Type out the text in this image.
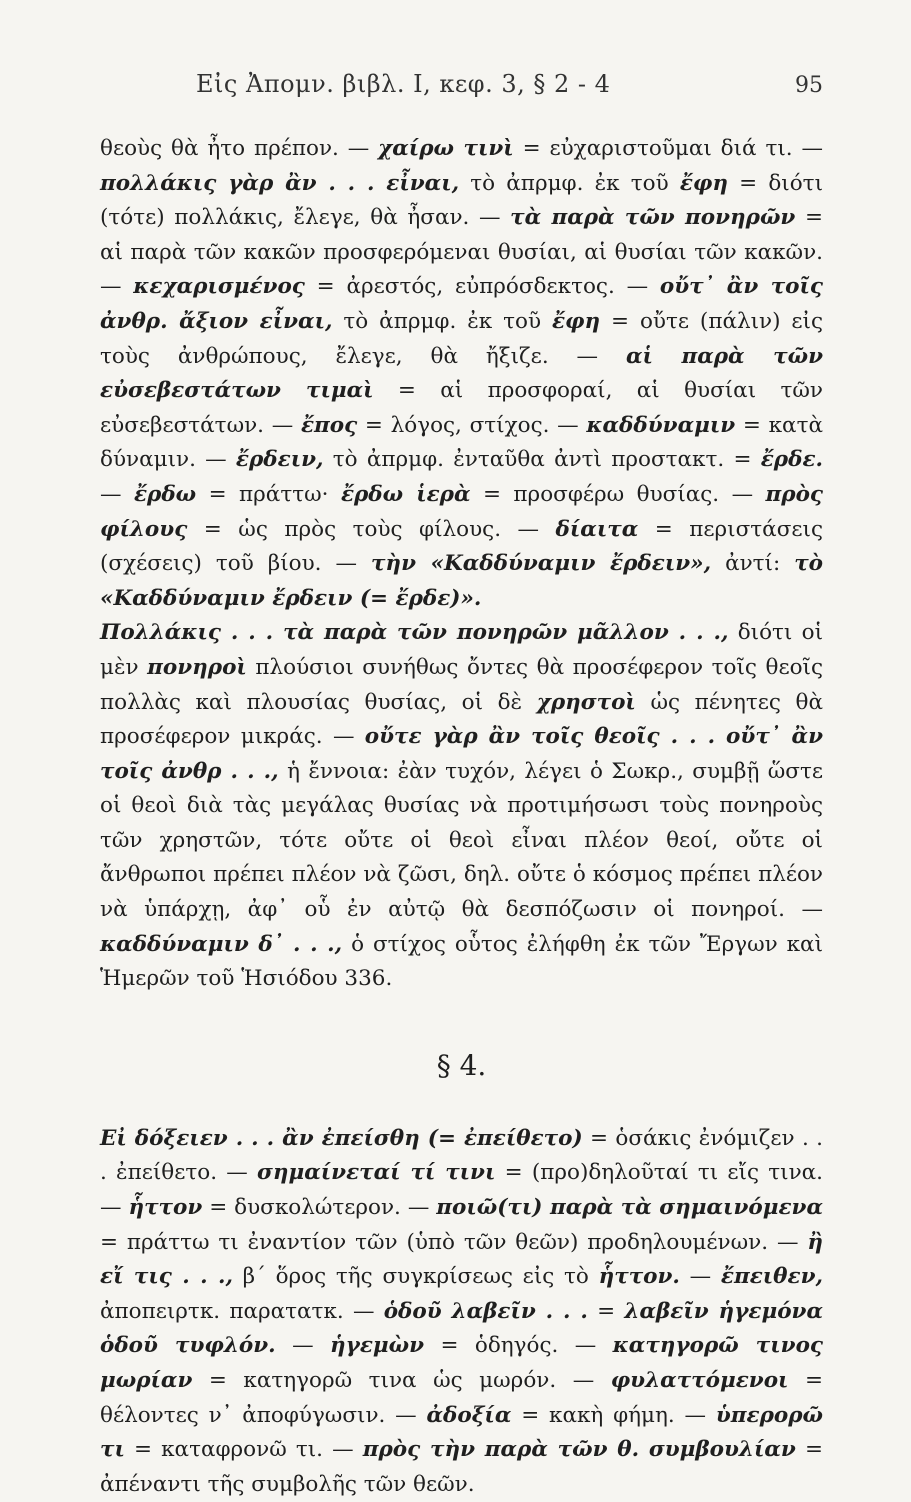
Εἰς Ἀπομν. βιβλ. I, κεφ. 3, § 2 - 4	95

θεοὺς θὰ ἦτο πρέπον. — χαίρω τινὶ = εὐχαριστοῦμαι διά τι. — πολλάκις γὰρ ἂν . . . εἶναι, τὸ ἀπρμφ. ἐκ τοῦ ἔφη = διότι (τότε) πολλάκις, ἔλεγε, θὰ ἦσαν. — τὰ παρὰ τῶν πονηρῶν = αἱ παρὰ τῶν κακῶν προσφερόμεναι θυσίαι, αἱ θυσίαι τῶν κακῶν. — κεχαρισμένος = ἀρεστός, εὐπρόσδεκτος. — οὔτ᾽ ἂν τοῖς ἀνθρ. ἄξιον εἶναι, τὸ ἀπρμφ. ἐκ τοῦ ἔφη = οὔτε (πάλιν) εἰς τοὺς ἀνθρώπους, ἔλεγε, θὰ ἤξιζε. — αἱ παρὰ τῶν εὐσεβεστάτων τιμαὶ = αἱ προσφοραί, αἱ θυσίαι τῶν εὐσεβεστάτων. — ἔπος = λόγος, στίχος. — καδδύναμιν = κατὰ δύναμιν. — ἔρδειν, τὸ ἀπρμφ. ἐνταῦθα ἀντὶ προστακτ. = ἔρδε. — ἔρδω = πράττω· ἔρδω ἱερὰ = προσφέρω θυσίας. — πρὸς φίλους = ὡς πρὸς τοὺς φίλους. — δίαιτα = περιστάσεις (σχέσεις) τοῦ βίου. — τὴν «Καδδύναμιν ἔρδειν», ἀντί: τὸ «Καδδύναμιν ἔρδειν (= ἔρδε)».

Πολλάκις . . . τὰ παρὰ τῶν πονηρῶν μᾶλλον . . ., διότι οἱ μὲν πονηροὶ πλούσιοι συνήθως ὄντες θὰ προσέφερον τοῖς θεοῖς πολλὰς καὶ πλουσίας θυσίας, οἱ δὲ χρηστοὶ ὡς πένητες θὰ προσέφερον μικράς. — οὔτε γὰρ ἂν τοῖς θεοῖς . . . οὔτ᾽ ἂν τοῖς ἀνθρ . . ., ἡ ἔννοια: ἐὰν τυχόν, λέγει ὁ Σωκρ., συμβῇ ὥστε οἱ θεοὶ διὰ τὰς μεγάλας θυσίας νὰ προτιμήσωσι τοὺς πονηροὺς τῶν χρηστῶν, τότε οὔτε οἱ θεοὶ εἶναι πλέον θεοί, οὔτε οἱ ἄνθρωποι πρέπει πλέον νὰ ζῶσι, δηλ. οὔτε ὁ κόσμος πρέπει πλέον νὰ ὑπάρχῃ, ἀφ᾽ οὗ ἐν αὐτῷ θὰ δεσπόζωσιν οἱ πονηροί. — καδδύναμιν δ᾽ . . ., ὁ στίχος οὗτος ἐλήφθη ἐκ τῶν Ἔργων καὶ Ἡμερῶν τοῦ Ἡσιόδου 336.

§ 4.

Εἰ δόξειεν . . . ἂν ἐπείσθη (= ἐπείθετο) = ὁσάκις ἐνόμιζεν . . . ἐπείθετο. — σημαίνεταί τί τινι = (προ)δηλοῦταί τι εἴς τινα. — ἧττον = δυσκολώτερον. — ποιῶ(τι) παρὰ τὰ σημαινόμενα = πράττω τι ἐναντίον τῶν (ὑπὸ τῶν θεῶν) προδηλουμένων. — ἢ εἴ τις . . ., β΄ ὅρος τῆς συγκρίσεως εἰς τὸ ἧττον. — ἔπειθεν, ἀποπειρτκ. παρατατκ. — ὁδοῦ λαβεῖν . . . = λαβεῖν ἡγεμόνα ὁδοῦ τυφλόν. — ἡγεμὼν = ὁδηγός. — κατηγορῶ τινος μωρίαν = κατηγορῶ τινα ὡς μωρόν. — φυλαττόμενοι = θέλοντες ν᾽ ἀποφύγωσιν. — ἀδοξία = κακὴ φήμη. — ὑπερορῶ τι = καταφρονῶ τι. — πρὸς τὴν παρὰ τῶν θ. συμβουλίαν = ἀπέναντι τῆς συμβολῆς τῶν θεῶν.
